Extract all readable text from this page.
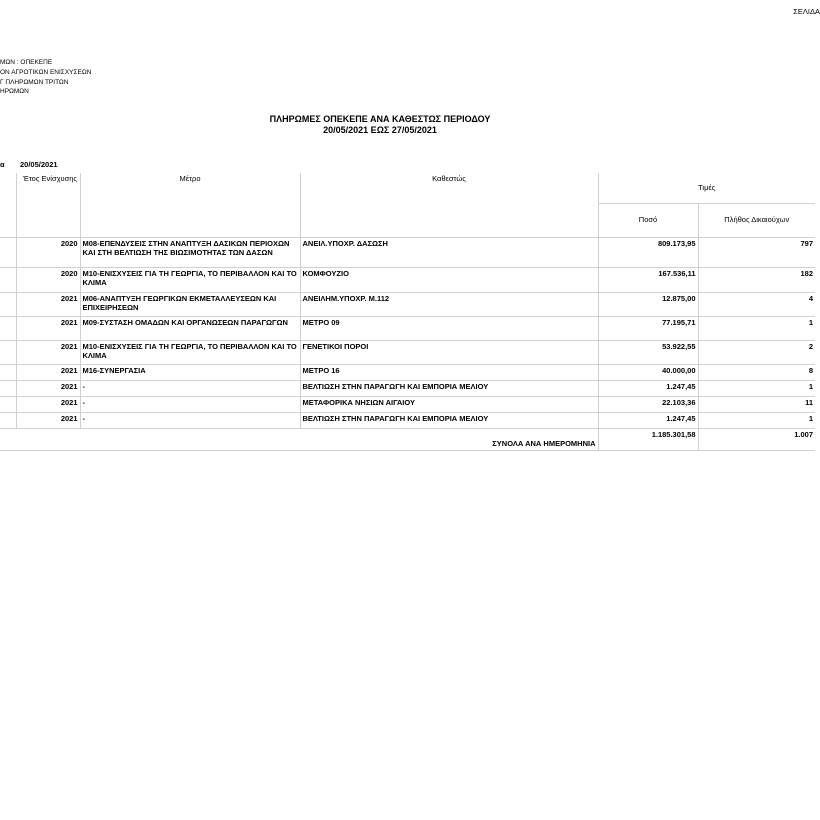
ΣΕΛΙΔΑ
ΜΩΝ : ΟΠΕΚΕΠΕ
ΟΝ ΑΓΡΟΤΙΚΩΝ ΕΝΙΣΧΥΣΕΩΝ
Γ ΠΛΗΡΩΜΩΝ ΤΡΙΤΩΝ
ΗΡΩΜΩΝ
ΠΛΗΡΩΜΕΣ ΟΠΕΚΕΠΕ ΑΝΑ ΚΑΘΕΣΤΩΣ ΠΕΡΙΟΔΟΥ
20/05/2021 ΕΩΣ 27/05/2021
α 20/05/2021
	Έτος Ενίσχυσης	Μέτρο	Καθεστώς	Τιμές	
				Ποσό	Πλήθος Δικαιούχων
	2020	Μ08-ΕΠΕΝΔΥΣΕΙΣ ΣΤΗΝ ΑΝΑΠΤΥΞΗ ΔΑΣΙΚΩΝ ΠΕΡΙΟΧΩΝ ΚΑΙ ΣΤΗ ΒΕΛΤΙΩΣΗ ΤΗΣ ΒΙΩΣΙΜΟΤΗΤΑΣ ΤΩΝ ΔΑΣΩΝ	ΑΝΕΙΛ.ΥΠΟΧΡ. ΔΑΣΩΣΗ	809.173,95	797
	2020	Μ10-ΕΝΙΣΧΥΣΕΙΣ ΓΙΑ ΤΗ ΓΕΩΡΓΙΑ, ΤΟ ΠΕΡΙΒΑΛΛΟΝ ΚΑΙ ΤΟ ΚΛΙΜΑ	ΚΟΜΦΟΥΖΙΟ	167.536,11	182
	2021	Μ06-ΑΝΑΠΤΥΞΗ ΓΕΩΡΓΙΚΩΝ ΕΚΜΕΤΑΛΛΕΥΣΕΩΝ ΚΑΙ ΕΠΙΧΕΙΡΗΣΕΩΝ	ΑΝΕΙΛΗΜ.ΥΠΟΧΡ. Μ.112	12.875,00	4
	2021	Μ09-ΣΥΣΤΑΣΗ ΟΜΑΔΩΝ ΚΑΙ ΟΡΓΑΝΩΣΕΩΝ ΠΑΡΑΓΩΓΩΝ	ΜΕΤΡΟ 09	77.195,71	1
	2021	Μ10-ΕΝΙΣΧΥΣΕΙΣ ΓΙΑ ΤΗ ΓΕΩΡΓΙΑ, ΤΟ ΠΕΡΙΒΑΛΛΟΝ ΚΑΙ ΤΟ ΚΛΙΜΑ	ΓΕΝΕΤΙΚΟΙ ΠΟΡΟΙ	53.922,55	2
	2021	Μ16-ΣΥΝΕΡΓΑΣΙΑ	ΜΕΤΡΟ 16	40.000,00	8
	2021	-	ΒΕΛΤΙΩΣΗ ΣΤΗΝ ΠΑΡΑΓΩΓΗ ΚΑΙ ΕΜΠΟΡΙΑ ΜΕΛΙΟΥ	1.247,45	1
	2021	-	ΜΕΤΑΦΟΡΙΚΑ ΝΗΣΙΩΝ ΑΙΓΑΙΟΥ	22.103,36	11
	2021	-	ΒΕΛΤΙΩΣΗ ΣΤΗΝ ΠΑΡΑΓΩΓΗ ΚΑΙ ΕΜΠΟΡΙΑ ΜΕΛΙΟΥ	1.247,45	1
ΣΥΝΟΛΑ ΑΝΑ ΗΜΕΡΟΜΗΝΙΑ				1.185.301,58	1.007
